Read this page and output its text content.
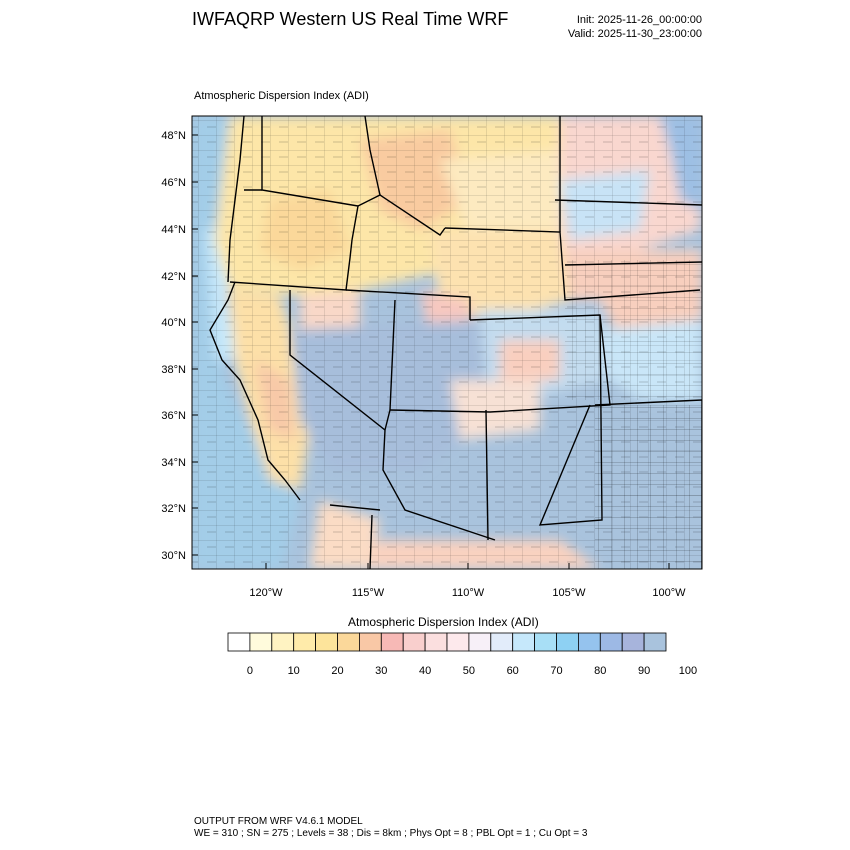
IWFAQRP Western US Real Time WRF	Init: 2025-11-26_00:00:00
Valid: 2025-11-30_23:00:00
Atmospheric Dispersion Index (ADI)
48°N
46°N
44°N
42°N
40°N
38°N
36°N
34°N
32°N
30°N
120°W	115°W	110°W	105°W	100°W
0	10	20	30	40	50	60	70	80	90	100
Atmospheric Dispersion Index (ADI)
OUTPUT FROM WRF V4.6.1 MODEL
WE = 310 ; SN = 275 ; Levels = 38 ; Dis = 8km ; Phys Opt = 8 ; PBL Opt = 1 ; Cu Opt = 3
